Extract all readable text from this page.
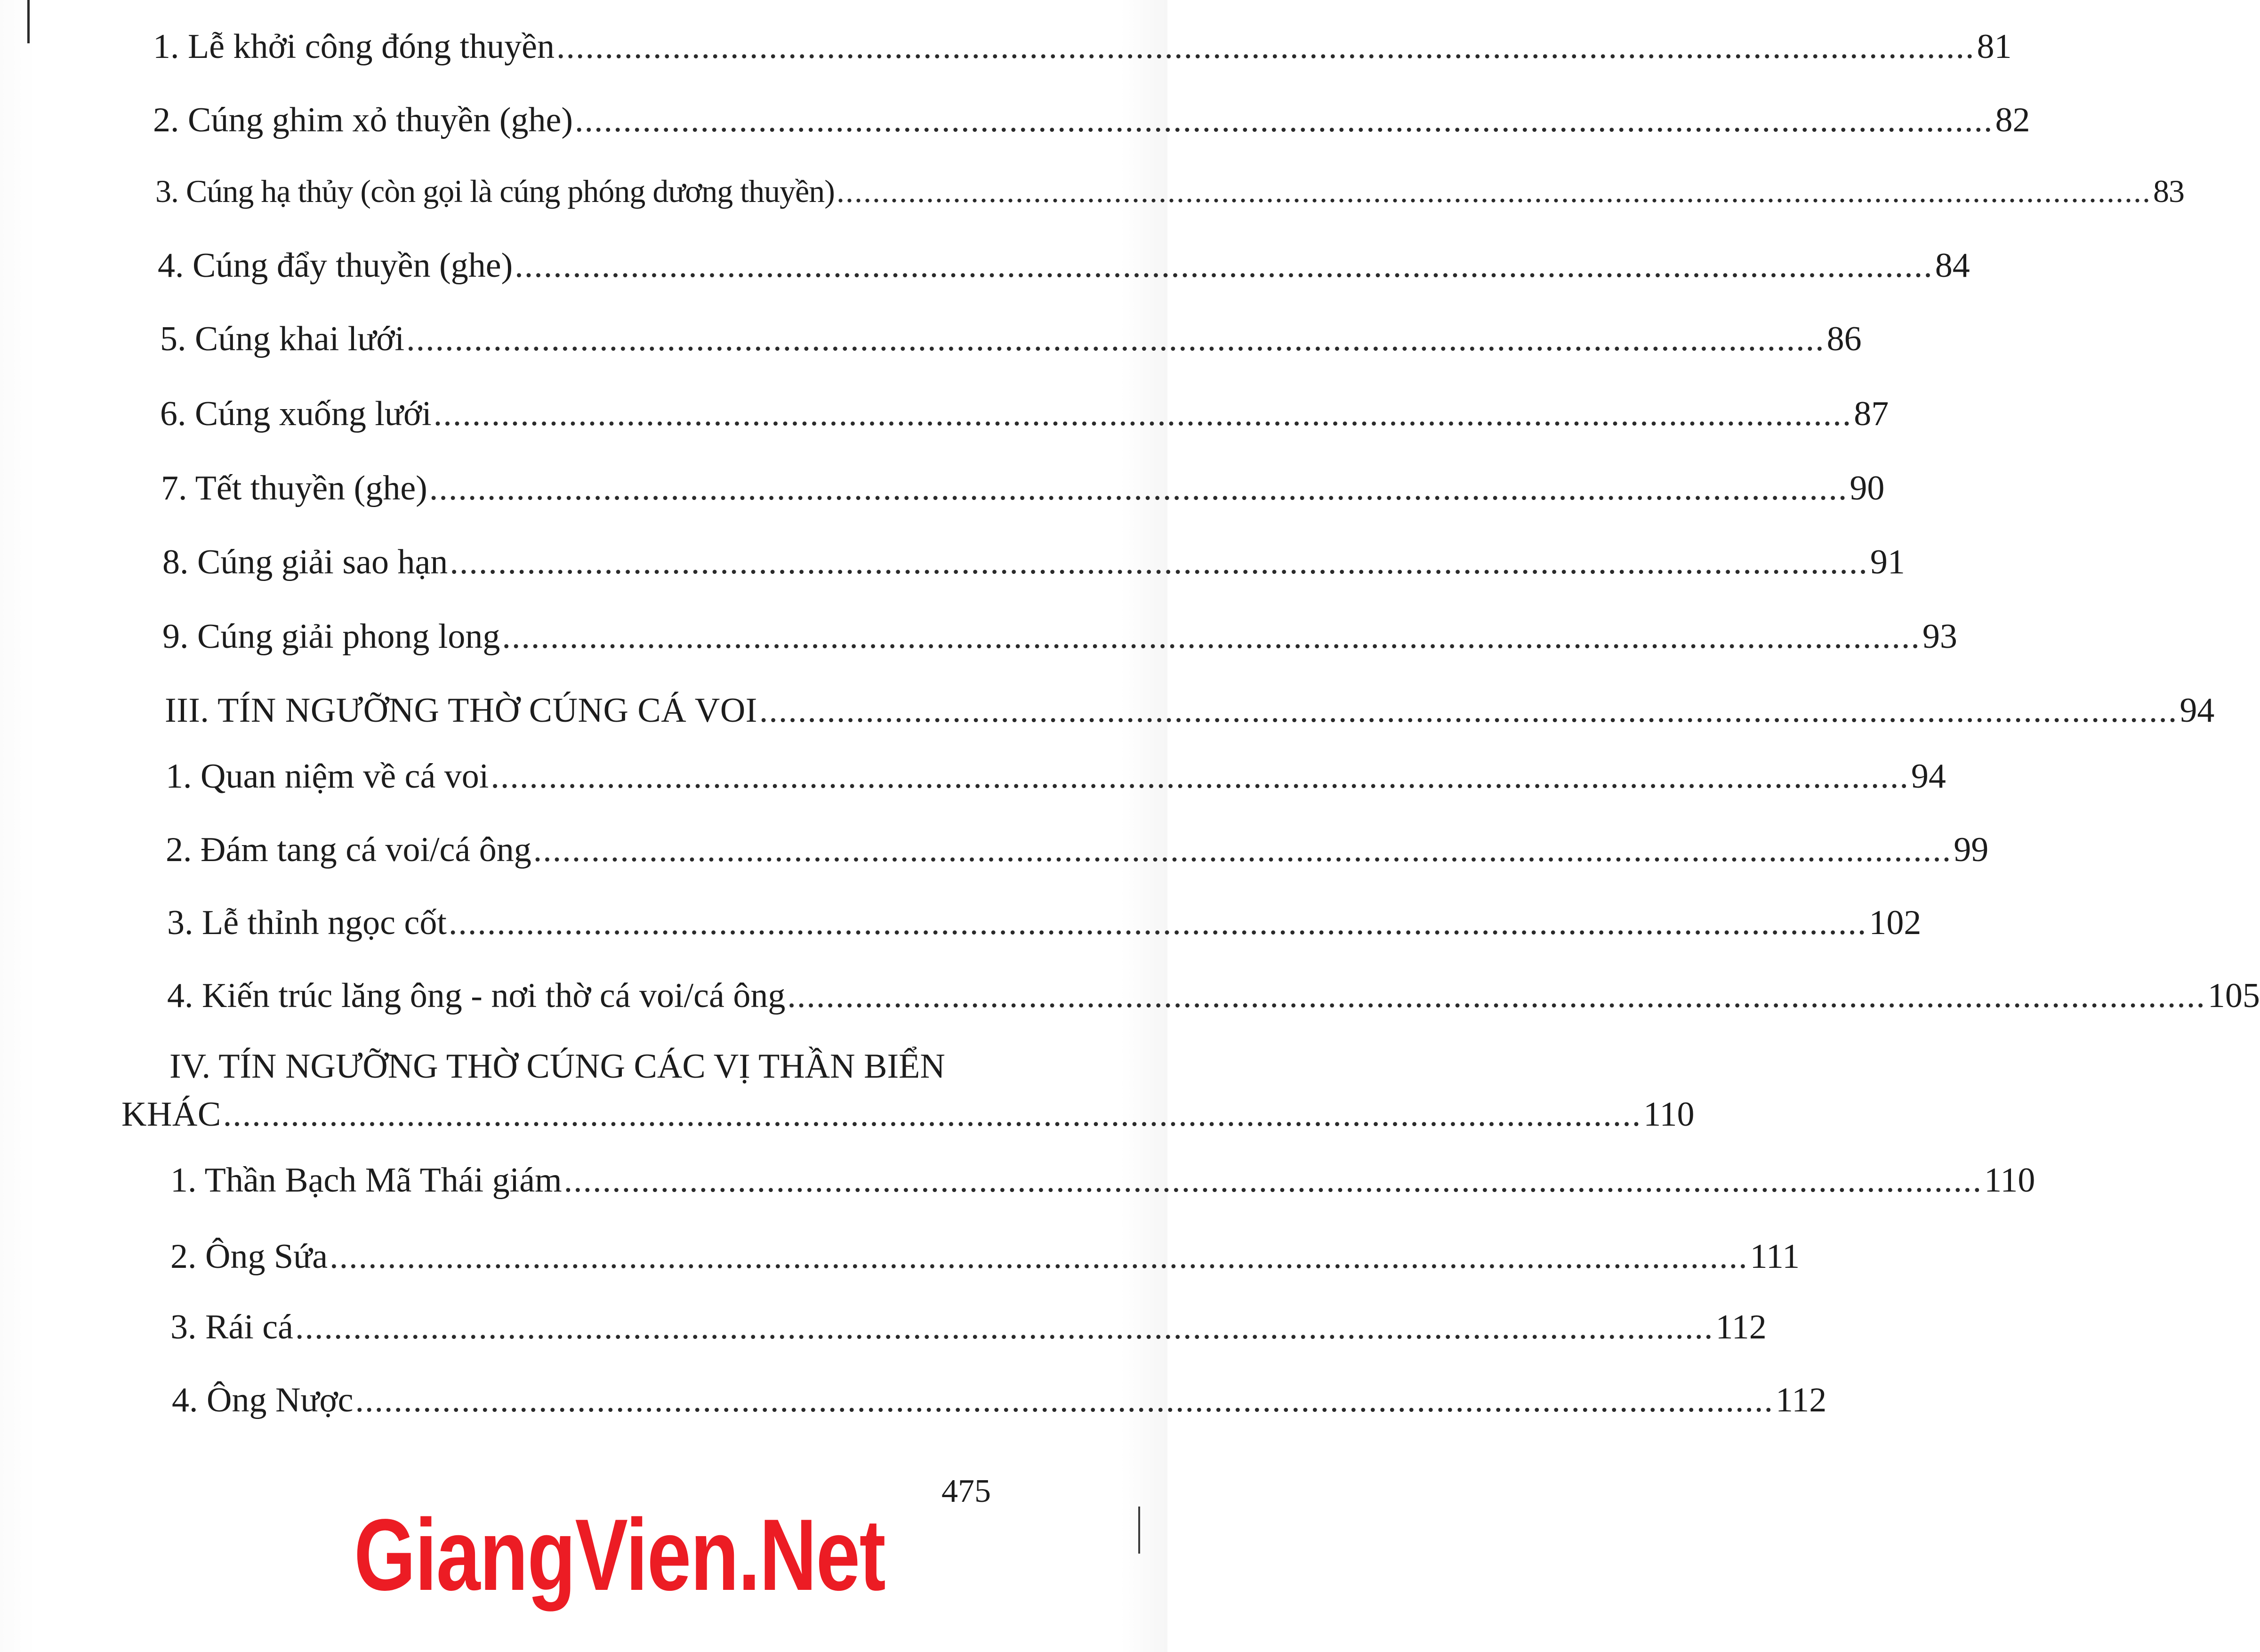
1. Lễ khởi công đóng thuyền ................................................................................................................................................... 81
2. Cúng ghim xỏ thuyền (ghe) ................................................................................................................................................... 82
3. Cúng hạ thủy (còn gọi là cúng phóng dương thuyền) ................................................................................................................................................... 83
4. Cúng đẩy thuyền (ghe) ................................................................................................................................................... 84
5. Cúng khai lưới ................................................................................................................................................... 86
6. Cúng xuống lưới ................................................................................................................................................... 87
7. Tết thuyền (ghe) ................................................................................................................................................... 90
8. Cúng giải sao hạn ................................................................................................................................................... 91
9. Cúng giải phong long ................................................................................................................................................... 93
III. TÍN NGƯỠNG THỜ CÚNG CÁ VOI ................................................................................................................................................... 94
1. Quan niệm về cá voi ................................................................................................................................................... 94
2. Đám tang cá voi/cá ông ................................................................................................................................................... 99
3. Lễ thỉnh ngọc cốt ................................................................................................................................................... 102
4. Kiến trúc lăng ông - nơi thờ cá voi/cá ông ................................................................................................................................................... 105
IV. TÍN NGƯỠNG THỜ CÚNG CÁC VỊ THẦN BIỂN
KHÁC ................................................................................................................................................... 110
1. Thần Bạch Mã Thái giám ................................................................................................................................................... 110
2. Ông Sứa ................................................................................................................................................... 111
3. Rái cá ................................................................................................................................................... 112
4. Ông Nược ................................................................................................................................................... 112
475
GiangVien.Net
